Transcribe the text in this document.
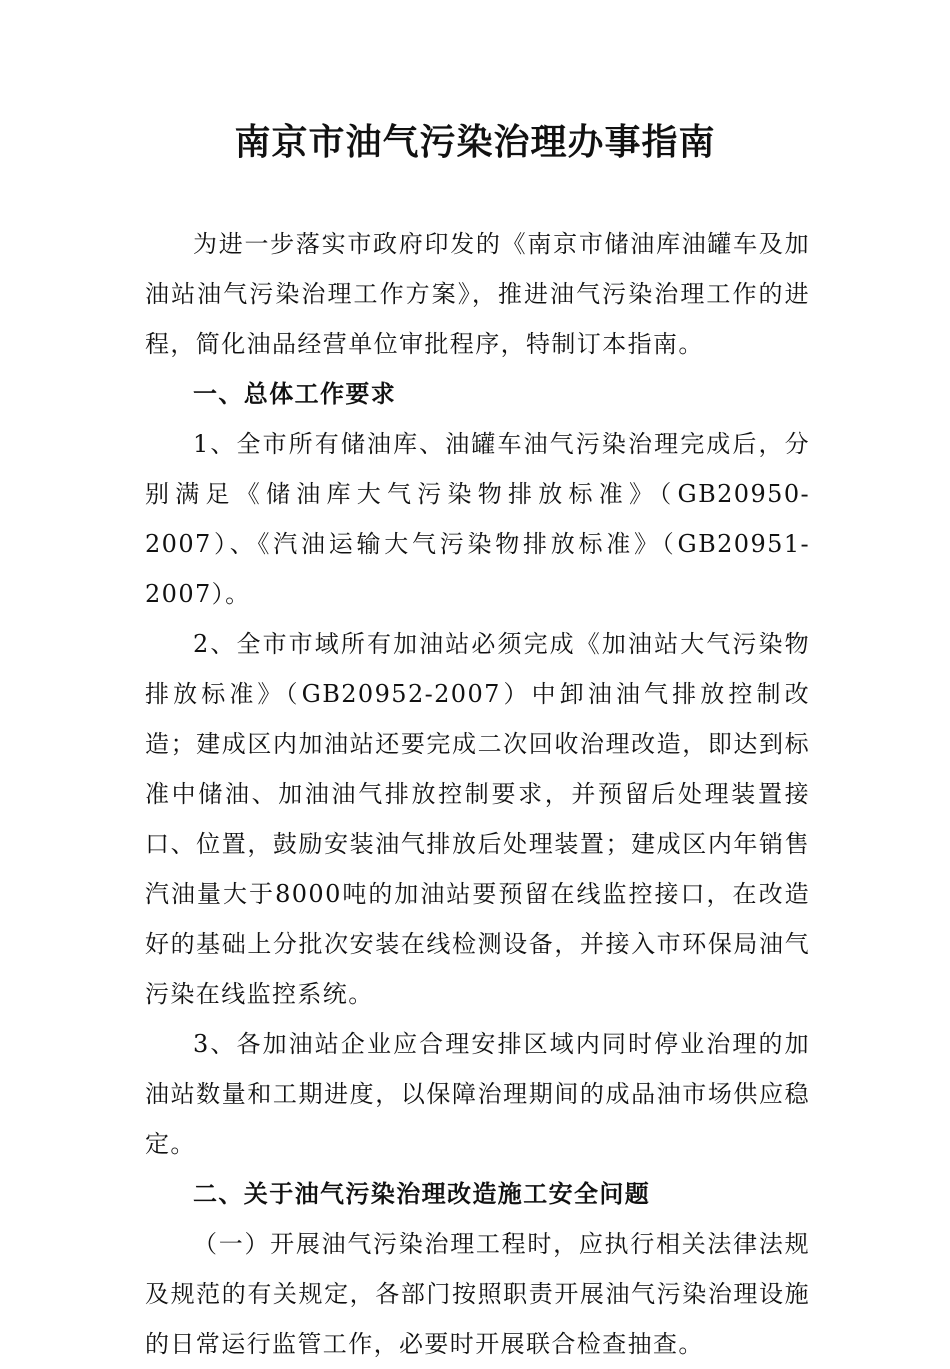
南京市油气污染治理办事指南

为进一步落实市政府印发的《南京市储油库油罐车及加油站油气污染治理工作方案》，推进油气污染治理工作的进程，简化油品经营单位审批程序，特制订本指南。

一、总体工作要求

1、全市所有储油库、油罐车油气污染治理完成后，分别满足《储油库大气污染物排放标准》（GB20950-2007）、《汽油运输大气污染物排放标准》（GB20951-2007）。

2、全市市域所有加油站必须完成《加油站大气污染物排放标准》（GB20952-2007）中卸油油气排放控制改造；建成区内加油站还要完成二次回收治理改造，即达到标准中储油、加油油气排放控制要求，并预留后处理装置接口、位置，鼓励安装油气排放后处理装置；建成区内年销售汽油量大于8000吨的加油站要预留在线监控接口，在改造好的基础上分批次安装在线检测设备，并接入市环保局油气污染在线监控系统。

3、各加油站企业应合理安排区域内同时停业治理的加油站数量和工期进度，以保障治理期间的成品油市场供应稳定。

二、关于油气污染治理改造施工安全问题

（一）开展油气污染治理工程时，应执行相关法律法规及规范的有关规定，各部门按照职责开展油气污染治理设施的日常运行监管工作，必要时开展联合检查抽查。
